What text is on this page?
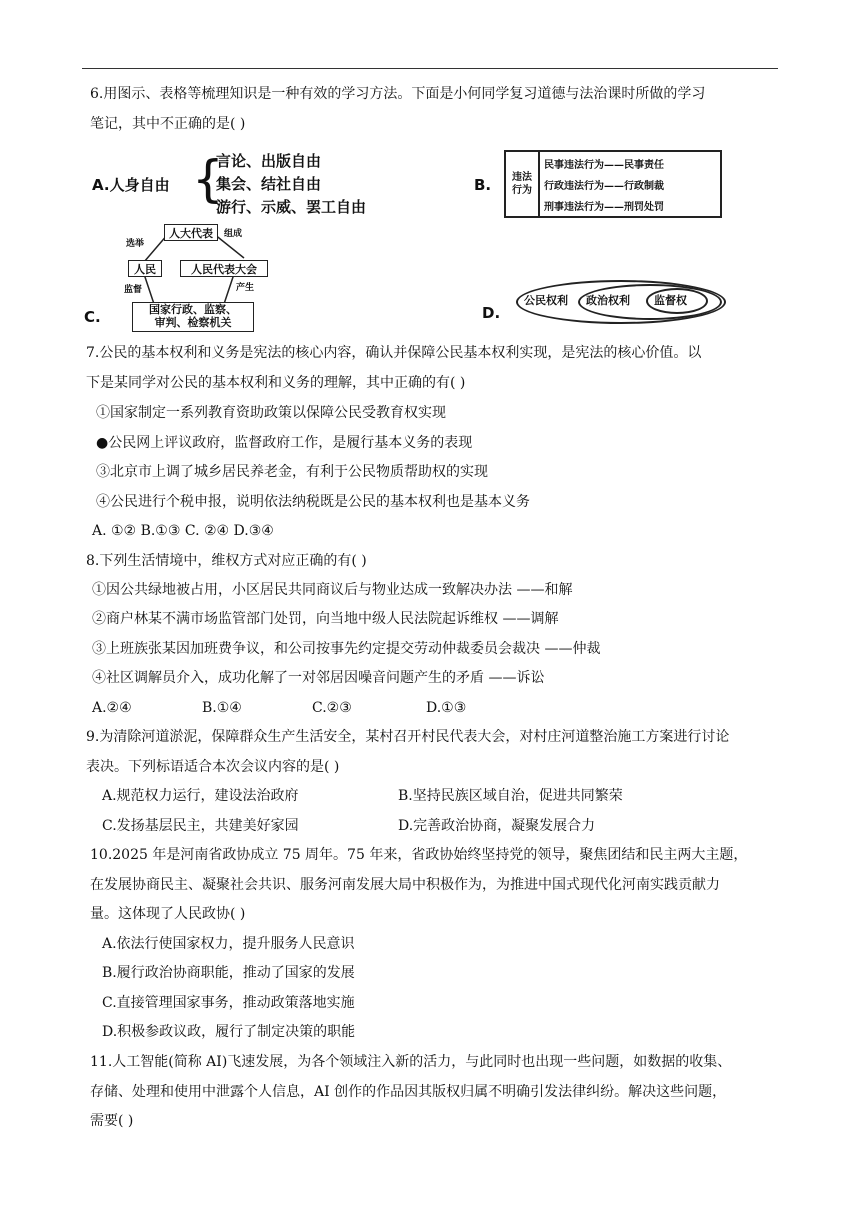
6.用图示、表格等梳理知识是一种有效的学习方法。下面是小何同学复习道德与法治课时所做的学习
笔记，其中不正确的是( )
A.人身自由 {
言论、出版自由
集会、结社自由
游行、示威、罢工自由
B. 违法
行为
民事违法行为——民事责任
行政违法行为——行政制裁
刑事违法行为——刑罚处罚
人大代表
人民	人民代表大会
国家行政、监察、
审判、检察机关
选举
组成
监督	产生
C.	D.
公民权利 政治权利 监督权
7.公民的基本权利和义务是宪法的核心内容，确认并保障公民基本权利实现，是宪法的核心价值。以
下是某同学对公民的基本权利和义务的理解，其中正确的有( )
①国家制定一系列教育资助政策以保障公民受教育权实现
●公民网上评议政府，监督政府工作，是履行基本义务的表现
③北京市上调了城乡居民养老金，有利于公民物质帮助权的实现
④公民进行个税申报，说明依法纳税既是公民的基本权利也是基本义务
A. ①② B.①③ C. ②④ D.③④
8.下列生活情境中，维权方式对应正确的有( )
①因公共绿地被占用，小区居民共同商议后与物业达成一致解决办法 ——和解
②商户林某不满市场监管部门处罚，向当地中级人民法院起诉维权 ——调解
③上班族张某因加班费争议，和公司按事先约定提交劳动仲裁委员会裁决 ——仲裁
④社区调解员介入，成功化解了一对邻居因噪音问题产生的矛盾 ——诉讼
A.②④	B.①④	C.②③	D.①③
9.为清除河道淤泥，保障群众生产生活安全，某村召开村民代表大会，对村庄河道整治施工方案进行讨论
表决。下列标语适合本次会议内容的是( )
A.规范权力运行，建设法治政府	B.坚持民族区域自治，促进共同繁荣
C.发扬基层民主，共建美好家园	D.完善政治协商，凝聚发展合力
10.2025 年是河南省政协成立 75 周年。75 年来，省政协始终坚持党的领导，聚焦团结和民主两大主题，
在发展协商民主、凝聚社会共识、服务河南发展大局中积极作为，为推进中国式现代化河南实践贡献力
量。这体现了人民政协( )
A.依法行使国家权力，提升服务人民意识
B.履行政治协商职能，推动了国家的发展
C.直接管理国家事务，推动政策落地实施
D.积极参政议政，履行了制定决策的职能
11.人工智能(简称 AI)飞速发展，为各个领域注入新的活力，与此同时也出现一些问题，如数据的收集、
存储、处理和使用中泄露个人信息，AI 创作的作品因其版权归属不明确引发法律纠纷。解决这些问题，
需要( )
